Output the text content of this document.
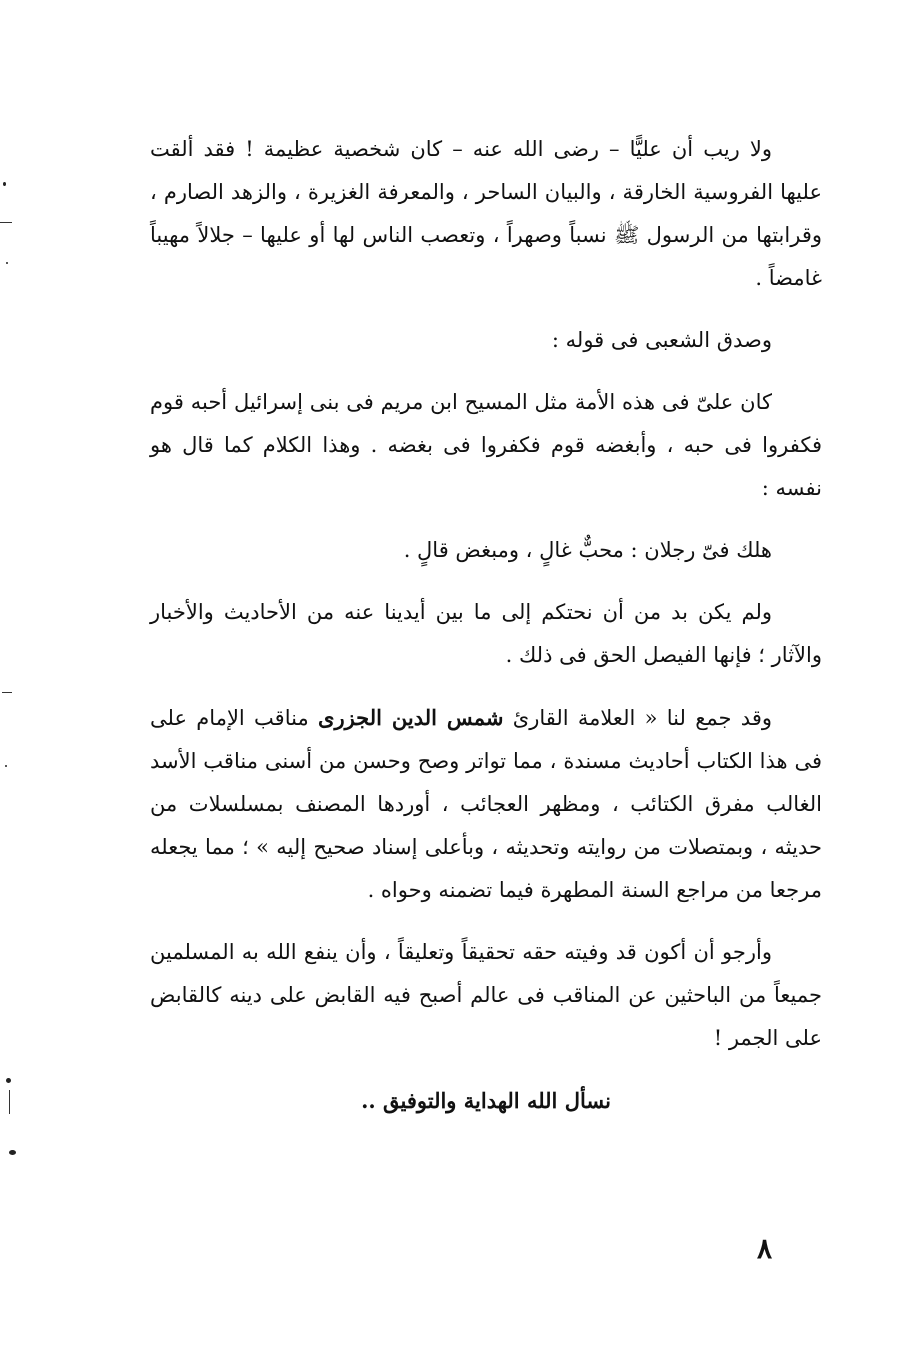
ولا ريب أن عليًّا – رضى الله عنه – كان شخصية عظيمة ! فقد ألقت عليها الفروسية الخارقة ، والبيان الساحر ، والمعرفة الغزيرة ، والزهد الصارم ، وقرابتها من الرسول ﷺ نسباً وصهراً ، وتعصب الناس لها أو عليها – جلالاً مهيباً غامضاً .

وصدق الشعبى فى قوله :

كان علىّ فى هذه الأمة مثل المسيح ابن مريم فى بنى إسرائيل أحبه قوم فكفروا فى حبه ، وأبغضه قوم فكفروا فى بغضه . وهذا الكلام كما قال هو نفسه :

هلك فىّ رجلان : محبٌّ غالٍ ، ومبغض قالٍ .

ولم يكن بد من أن نحتكم إلى ما بين أيدينا عنه من الأحاديث والأخبار والآثار ؛ فإنها الفيصل الحق فى ذلك .

وقد جمع لنا « العلامة القارئ شمس الدين الجزرى مناقب الإمام على فى هذا الكتاب أحاديث مسندة ، مما تواتر وصح وحسن من أسنى مناقب الأسد الغالب مفرق الكتائب ، ومظهر العجائب ، أوردها المصنف بمسلسلات من حديثه ، وبمتصلات من روايته وتحديثه ، وبأعلى إسناد صحيح إليه » ؛ مما يجعله مرجعا من مراجع السنة المطهرة فيما تضمنه وحواه .

وأرجو أن أكون قد وفيته حقه تحقيقاً وتعليقاً ، وأن ينفع الله به المسلمين جميعاً من الباحثين عن المناقب فى عالم أصبح فيه القابض على دينه كالقابض على الجمر !

نسأل الله الهداية والتوفيق ..

٨
